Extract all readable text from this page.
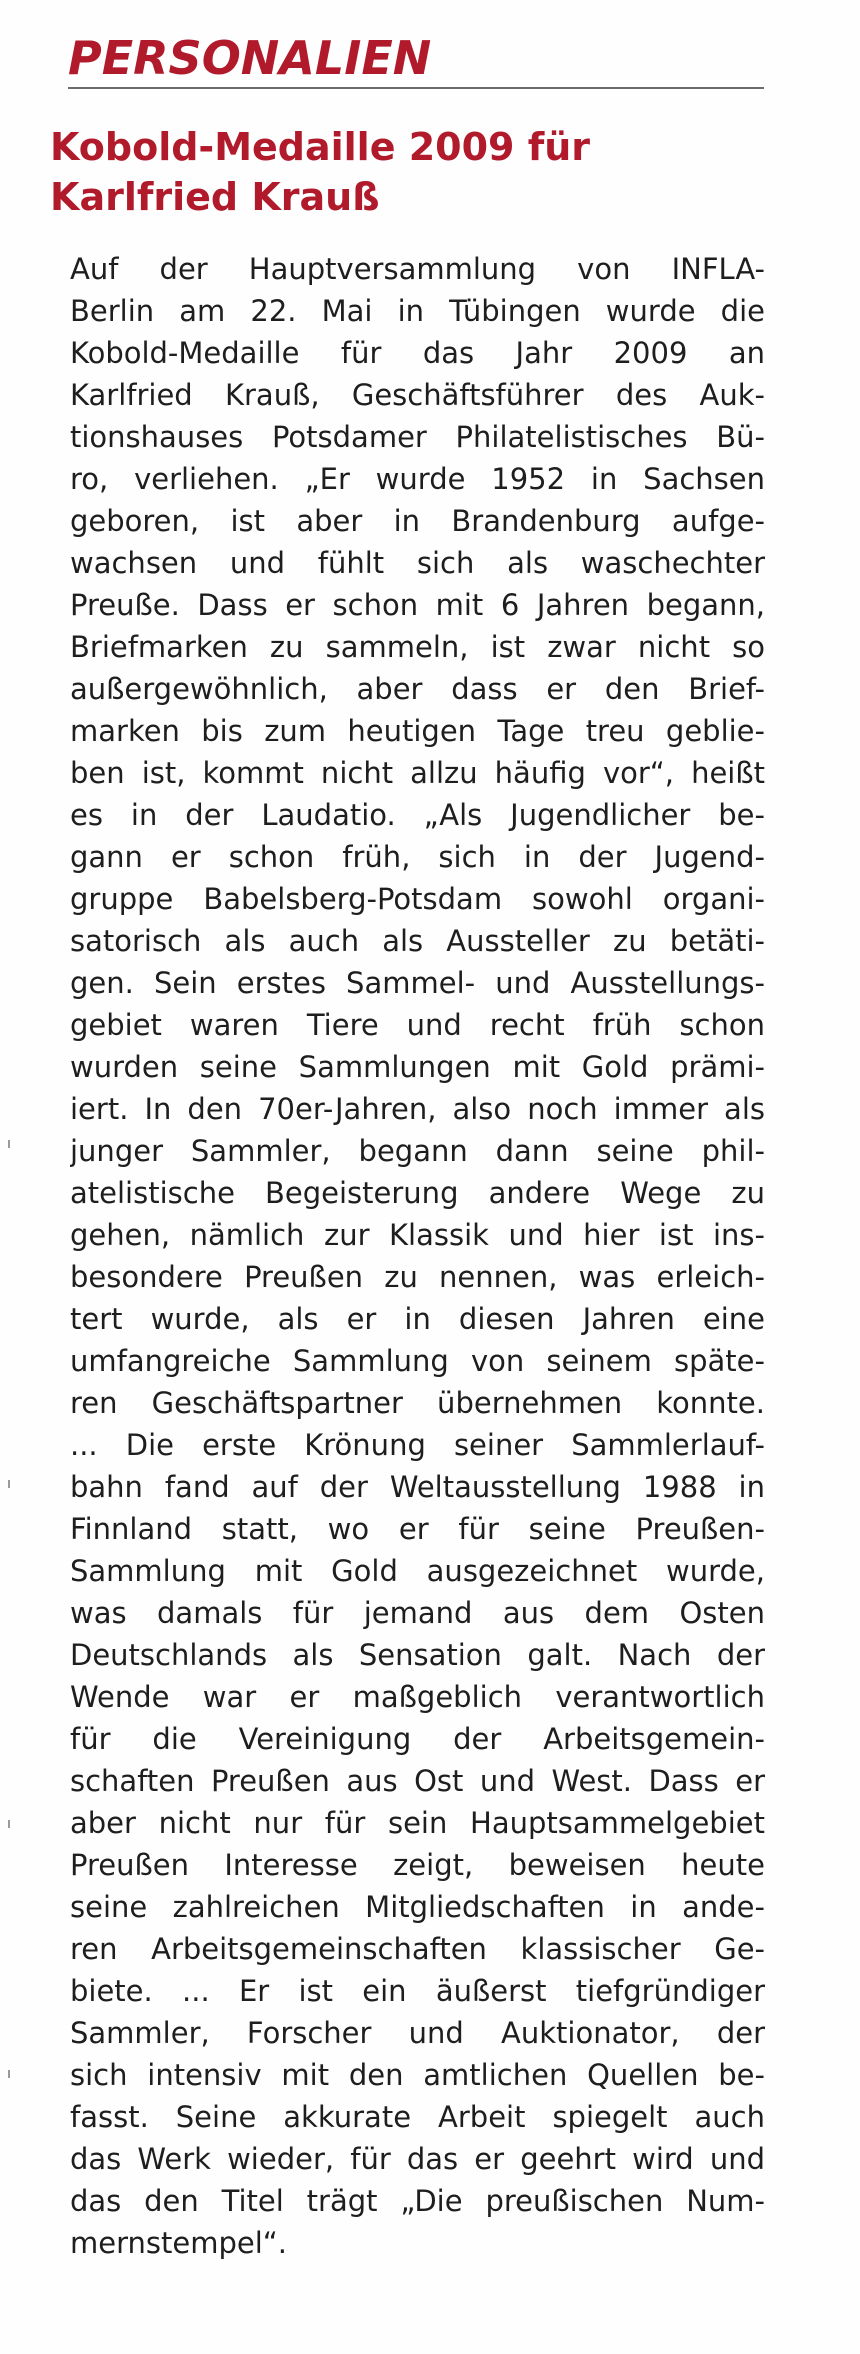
PERSONALIEN
Kobold-Medaille 2009 für
Karlfried Krauß
Auf der Hauptversammlung von INFLA-
Berlin am 22. Mai in Tübingen wurde die
Kobold-Medaille für das Jahr 2009 an
Karlfried Krauß, Geschäftsführer des Auk-
tionshauses Potsdamer Philatelistisches Bü-
ro, verliehen. „Er wurde 1952 in Sachsen
geboren, ist aber in Brandenburg aufge-
wachsen und fühlt sich als waschechter
Preuße. Dass er schon mit 6 Jahren begann,
Briefmarken zu sammeln, ist zwar nicht so
außergewöhnlich, aber dass er den Brief-
marken bis zum heutigen Tage treu geblie-
ben ist, kommt nicht allzu häufig vor“, heißt
es in der Laudatio. „Als Jugendlicher be-
gann er schon früh, sich in der Jugend-
gruppe Babelsberg-Potsdam sowohl organi-
satorisch als auch als Aussteller zu betäti-
gen. Sein erstes Sammel- und Ausstellungs-
gebiet waren Tiere und recht früh schon
wurden seine Sammlungen mit Gold prämi-
iert. In den 70er-Jahren, also noch immer als
junger Sammler, begann dann seine phil-
atelistische Begeisterung andere Wege zu
gehen, nämlich zur Klassik und hier ist ins-
besondere Preußen zu nennen, was erleich-
tert wurde, als er in diesen Jahren eine
umfangreiche Sammlung von seinem späte-
ren Geschäftspartner übernehmen konnte.
... Die erste Krönung seiner Sammlerlauf-
bahn fand auf der Weltausstellung 1988 in
Finnland statt, wo er für seine Preußen-
Sammlung mit Gold ausgezeichnet wurde,
was damals für jemand aus dem Osten
Deutschlands als Sensation galt. Nach der
Wende war er maßgeblich verantwortlich
für die Vereinigung der Arbeitsgemein-
schaften Preußen aus Ost und West. Dass er
aber nicht nur für sein Hauptsammelgebiet
Preußen Interesse zeigt, beweisen heute
seine zahlreichen Mitgliedschaften in ande-
ren Arbeitsgemeinschaften klassischer Ge-
biete. ... Er ist ein äußerst tiefgründiger
Sammler, Forscher und Auktionator, der
sich intensiv mit den amtlichen Quellen be-
fasst. Seine akkurate Arbeit spiegelt auch
das Werk wieder, für das er geehrt wird und
das den Titel trägt „Die preußischen Num-
mernstempel“.
